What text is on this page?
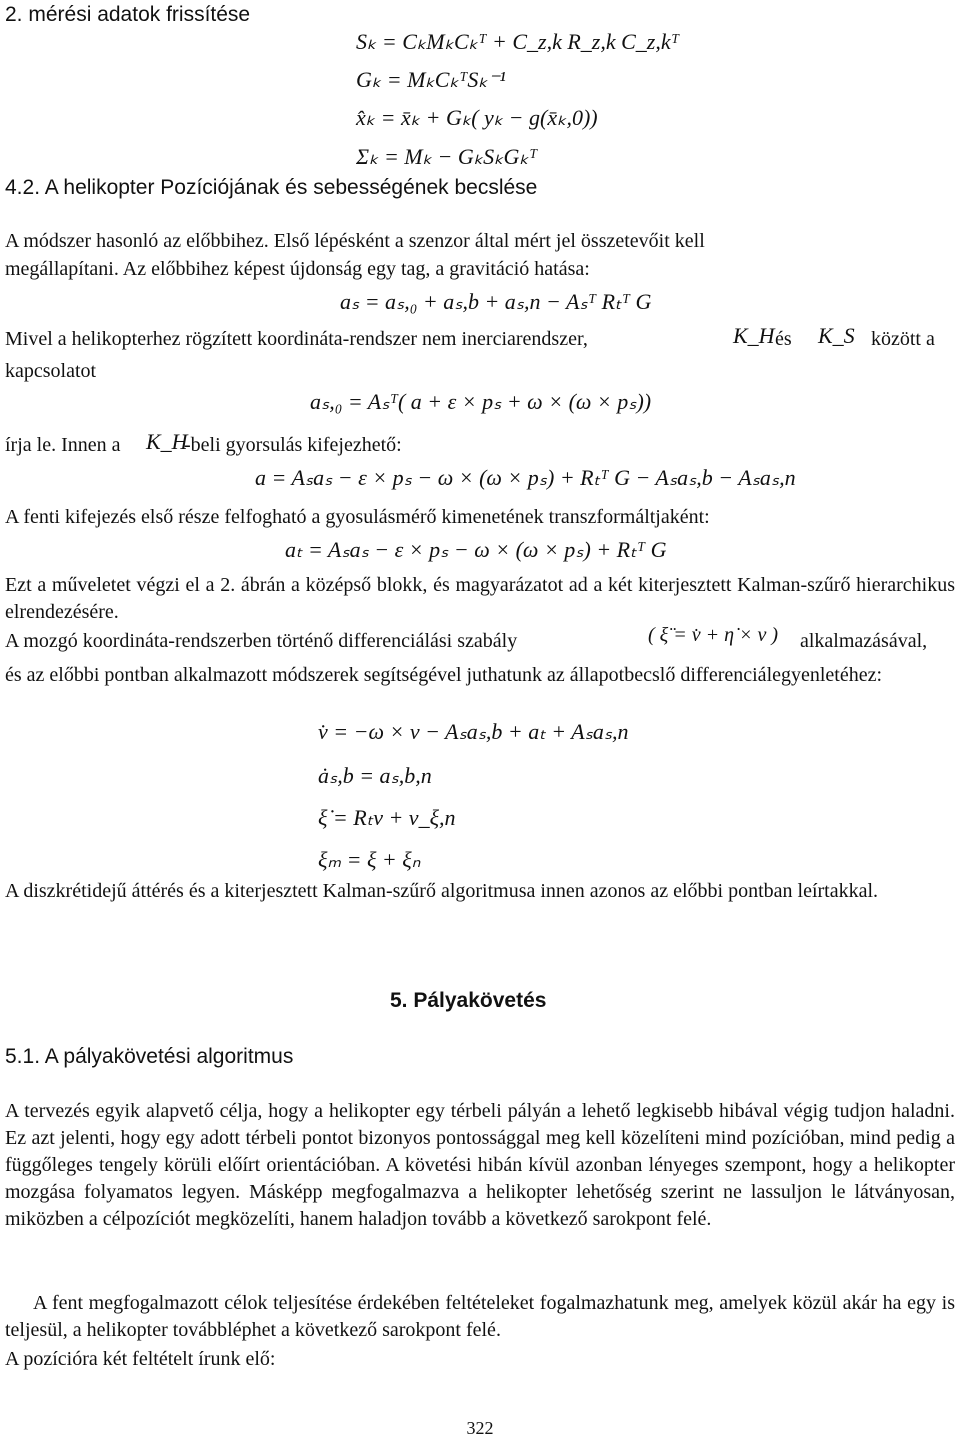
2. mérési adatok frissítése
Sₖ = CₖMₖCₖᵀ + C_z,k R_z,k C_z,kᵀ
Gₖ = MₖCₖᵀSₖ⁻¹
x̂ₖ = x̄ₖ + Gₖ( yₖ − g(x̄ₖ,0))
Σₖ = Mₖ − GₖSₖGₖᵀ
4.2. A helikopter Pozíciójának és sebességének becslése
A módszer hasonló az előbbihez. Első lépésként a szenzor által mért jel összetevőit kell
megállapítani. Az előbbihez képest újdonság egy tag, a gravitáció hatása:
aₛ = aₛ,₀ + aₛ,b + aₛ,n − Aₛᵀ Rₜᵀ G
Mivel a helikopterhez rögzített koordináta-rendszer nem inerciarendszer,	K_H és	K_S között a
kapcsolatot
aₛ,₀ = Aₛᵀ( a + ε × pₛ + ω × (ω × pₛ))
írja le. Innen a	K_H
-beli gyorsulás kifejezhető:
a = Aₛaₛ − ε × pₛ − ω × (ω × pₛ) + Rₜᵀ G − Aₛaₛ,b − Aₛaₛ,n
A fenti kifejezés első része felfogható a gyosulásmérő kimenetének transzformáltjaként:
aₜ = Aₛaₛ − ε × pₛ − ω × (ω × pₛ) + Rₜᵀ G
Ezt a műveletet végzi el a 2. ábrán a középső blokk, és magyarázatot ad a két kiterjesztett Kalman-szűrő hierarchikus elrendezésére.
A mozgó koordináta-rendszerben történő differenciálási szabály	( ξ̈ = v̇ + η̇ × v ) alkalmazásával,
és az előbbi pontban alkalmazott módszerek segítségével juthatunk az állapotbecslő differenciálegyenletéhez:
v̇ = −ω × v − Aₛaₛ,b + aₜ + Aₛaₛ,n
ȧₛ,b = aₛ,b,n
ξ̇ = Rₜv + v_ξ,n
ξₘ = ξ + ξₙ
A diszkrétidejű áttérés és a kiterjesztett Kalman-szűrő algoritmusa innen azonos az előbbi pontban leírtakkal.
5. Pályakövetés
5.1. A pályakövetési algoritmus
A tervezés egyik alapvető célja, hogy a helikopter egy térbeli pályán a lehető legkisebb hibával végig tudjon haladni. Ez azt jelenti, hogy egy adott térbeli pontot bizonyos pontossággal meg kell közelíteni mind pozícióban, mind pedig a függőleges tengely körüli előírt orientációban. A követési hibán kívül azonban lényeges szempont, hogy a helikopter mozgása folyamatos legyen. Másképp megfogalmazva a helikopter lehetőség szerint ne lassuljon le látványosan, miközben a célpozíciót megközelíti, hanem haladjon tovább a következő sarokpont felé.
A fent megfogalmazott célok teljesítése érdekében feltételeket fogalmazhatunk meg, amelyek közül akár ha egy is teljesül, a helikopter továbbléphet a következő sarokpont felé.
A pozícióra két feltételt írunk elő:
322
